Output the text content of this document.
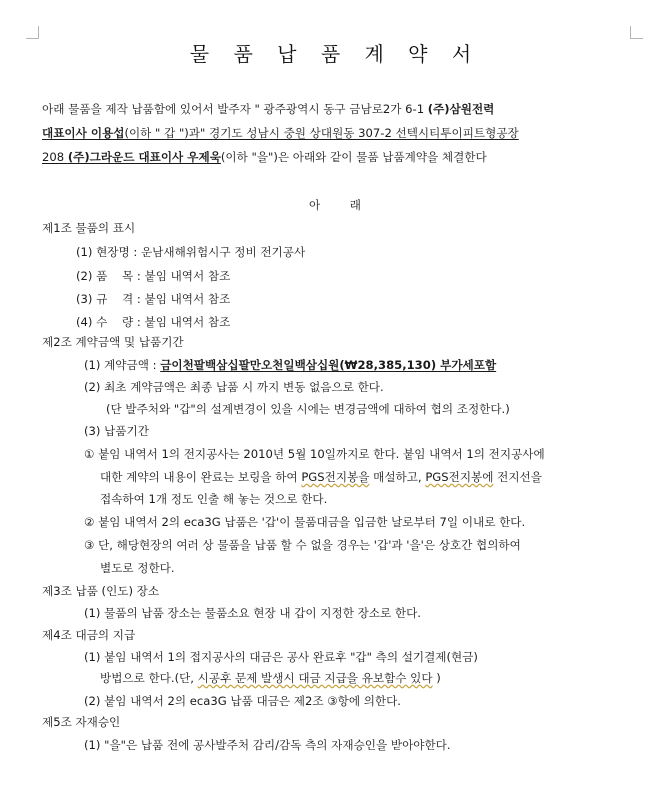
물 품 납 품 계 약 서
아래 물품을 제작 납품함에 있어서 발주자 " 광주광역시 동구 금남로2가 6-1 (주)삼원전력
대표이사 이용섭(이하 " 갑 ")과" 경기도 성남시 중원 상대원동 307-2 선텍시티투이피트형공장
208 (주)그라운드 대표이사 우제욱(이하 "을")은 아래와 같이 물품 납품계약을 체결한다
아        래
제1조 물품의 표시
(1) 현장명 : 운남새해위험시구 정비 전기공사
(2) 품    목 : 붙임 내역서 참조
(3) 규    격 : 붙임 내역서 참조
(4) 수    량 : 붙임 내역서 참조
제2조 계약금액 및 납품기간
(1) 계약금액 : 금이천팔백삼십팔만오천일백삼십원(₩28,385,130) 부가세포함
(2) 최초 계약금액은 최종 납품 시 까지 변동 없음으로 한다.
(단 발주처와 "갑"의 설계변경이 있을 시에는 변경금액에 대하여 협의 조정한다.)
(3) 납품기간
① 붙임 내역서 1의 전지공사는 2010년 5월 10일까지로 한다. 붙임 내역서 1의 전지공사에
대한 계약의 내용이 완료는 보링을 하여 PGS전지봉을 매설하고, PGS전지봉에 전지선을
접속하여 1개 정도 인출 해 놓는 것으로 한다.
② 붙임 내역서 2의 eca3G 납품은 '갑'이 물품대금을 입금한 날로부터 7일 이내로 한다.
③ 단, 해당현장의 여러 상 물품을 납품 할 수 없을 경우는 '갑'과 '을'은 상호간 협의하여
별도로 정한다.
제3조 납품 (인도) 장소
(1) 물품의 납품 장소는 물품소요 현장 내 갑이 지정한 장소로 한다.
제4조 대금의 지급
(1) 붙임 내역서 1의 접지공사의 대금은 공사 완료후 "갑" 측의 설기결제(현금)
방법으로 한다.(단, 시공후 문제 발생시 대금 지급을 유보함수 있다 )
(2) 붙임 내역서 2의 eca3G 납품 대금은 제2조 ③항에 의한다.
제5조 자재승인
(1) "을"은 납품 전에 공사발주처 감리/감독 측의 자재승인을 받아야한다.
